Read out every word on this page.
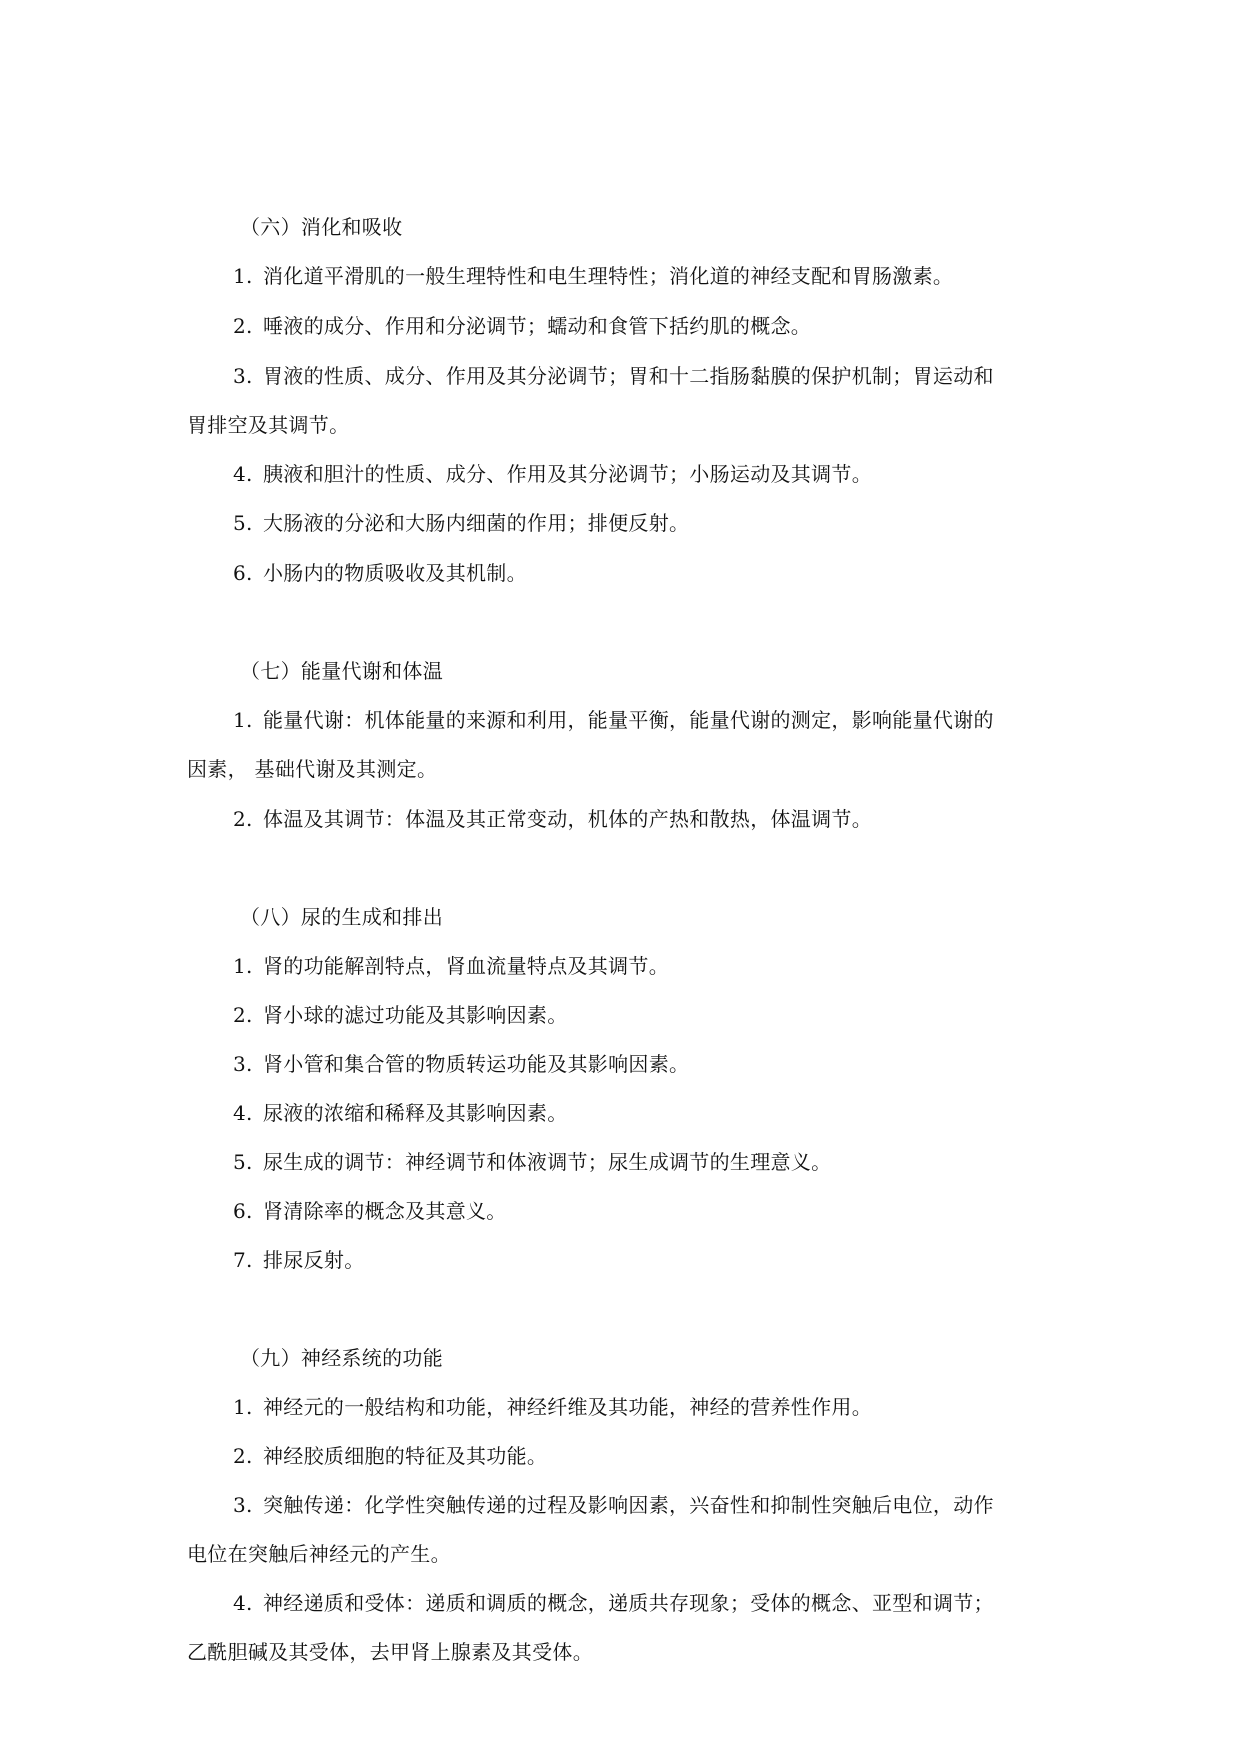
（六）消化和吸收
1. 消化道平滑肌的一般生理特性和电生理特性；消化道的神经支配和胃肠激素。
2. 唾液的成分、作用和分泌调节；蠕动和食管下括约肌的概念。
3. 胃液的性质、成分、作用及其分泌调节；胃和十二指肠黏膜的保护机制；胃运动和
胃排空及其调节。
4. 胰液和胆汁的性质、成分、作用及其分泌调节；小肠运动及其调节。
5. 大肠液的分泌和大肠内细菌的作用；排便反射。
6. 小肠内的物质吸收及其机制。
（七）能量代谢和体温
1. 能量代谢：机体能量的来源和利用，能量平衡，能量代谢的测定，影响能量代谢的
因素， 基础代谢及其测定。
2. 体温及其调节：体温及其正常变动，机体的产热和散热，体温调节。
（八）尿的生成和排出
1. 肾的功能解剖特点，肾血流量特点及其调节。
2. 肾小球的滤过功能及其影响因素。
3. 肾小管和集合管的物质转运功能及其影响因素。
4. 尿液的浓缩和稀释及其影响因素。
5. 尿生成的调节：神经调节和体液调节；尿生成调节的生理意义。
6. 肾清除率的概念及其意义。
7. 排尿反射。
（九）神经系统的功能
1. 神经元的一般结构和功能，神经纤维及其功能，神经的营养性作用。
2. 神经胶质细胞的特征及其功能。
3. 突触传递：化学性突触传递的过程及影响因素，兴奋性和抑制性突触后电位，动作
电位在突触后神经元的产生。
4. 神经递质和受体：递质和调质的概念，递质共存现象；受体的概念、亚型和调节；
乙酰胆碱及其受体，去甲肾上腺素及其受体。
